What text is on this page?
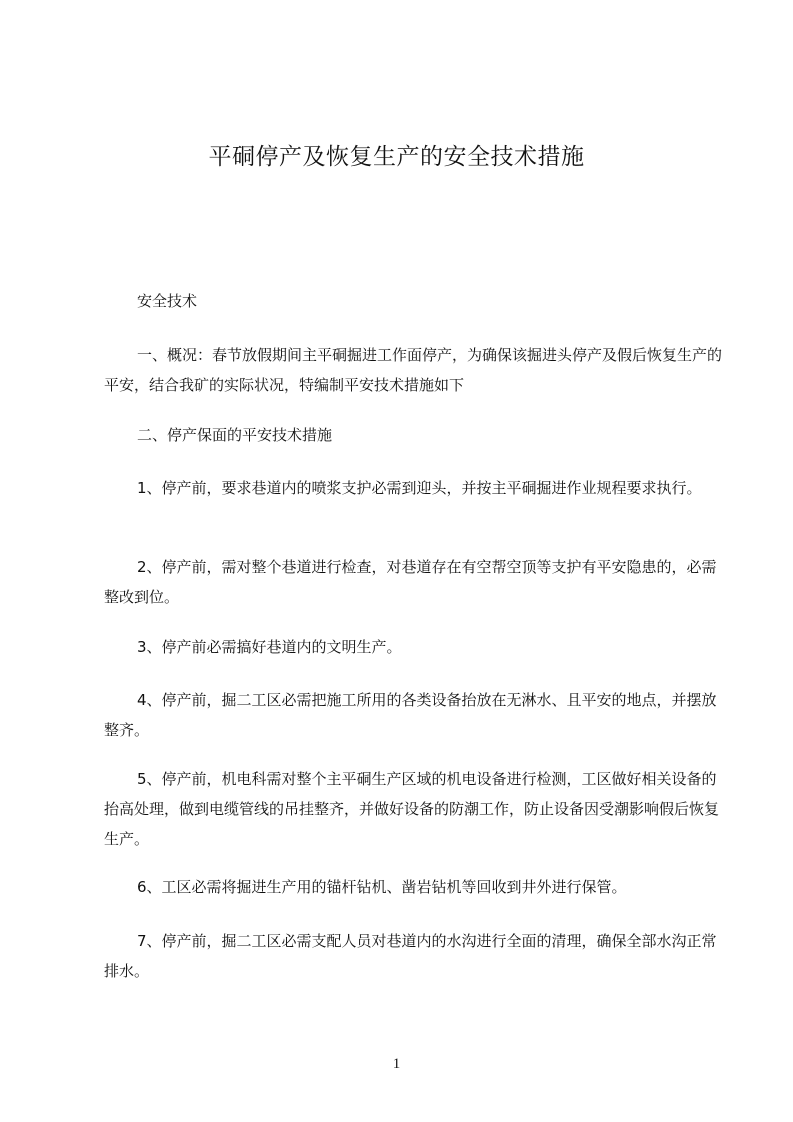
平硐停产及恢复生产的安全技术措施
安全技术
一、概况：春节放假期间主平硐掘进工作面停产，为确保该掘进头停产及假后恢复生产的平安，结合我矿的实际状况，特编制平安技术措施如下
二、停产保面的平安技术措施
1、停产前，要求巷道内的喷浆支护必需到迎头，并按主平硐掘进作业规程要求执行。
2、停产前，需对整个巷道进行检查，对巷道存在有空帮空顶等支护有平安隐患的，必需整改到位。
3、停产前必需搞好巷道内的文明生产。
4、停产前，掘二工区必需把施工所用的各类设备抬放在无淋水、且平安的地点，并摆放整齐。
5、停产前，机电科需对整个主平硐生产区域的机电设备进行检测，工区做好相关设备的抬高处理，做到电缆管线的吊挂整齐，并做好设备的防潮工作，防止设备因受潮影响假后恢复生产。
6、工区必需将掘进生产用的锚杆钻机、凿岩钻机等回收到井外进行保管。
7、停产前，掘二工区必需支配人员对巷道内的水沟进行全面的清理，确保全部水沟正常排水。
1
